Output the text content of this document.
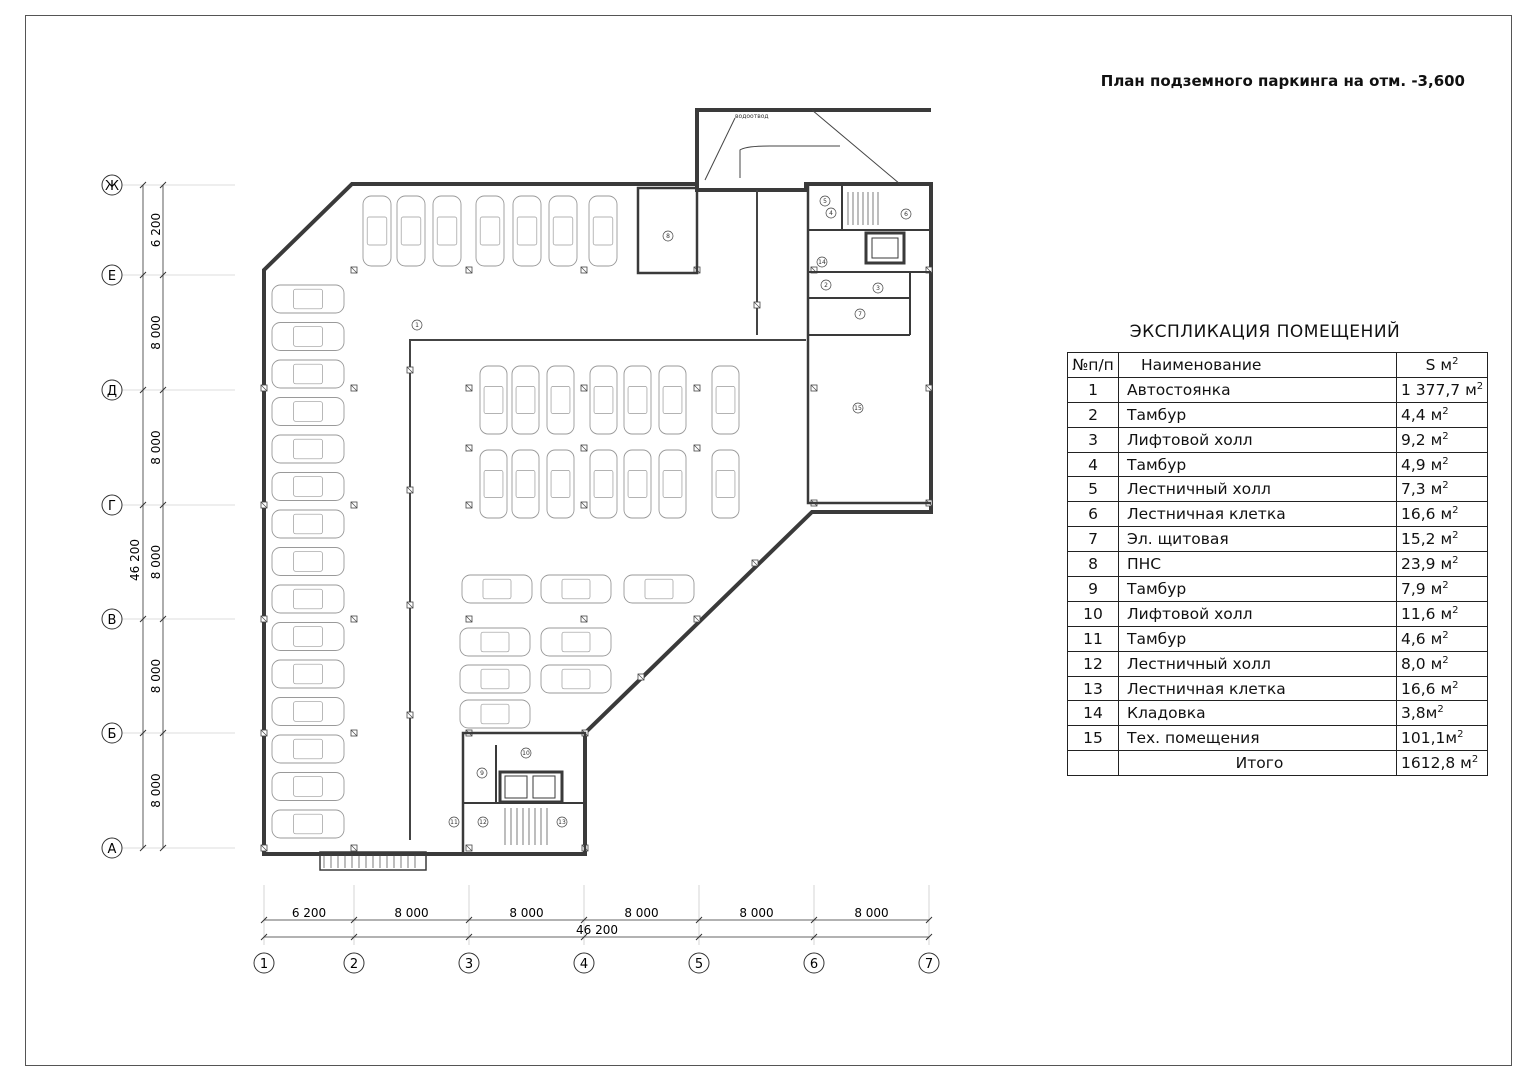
План подземного паркинга на отм. -3,600
водоотвод
1
2	3
4
5
6
7
8
9
10
11	12	13
14
15
Ж
Е
Д
Г
В
Б
А
1	2	3	4	5	6	7
6 200
8 000
8 000
8 000
8 000
8 000
46 200
6 200	8 000	8 000	8 000	8 000	8 000
46 200
ЭКСПЛИКАЦИЯ ПОМЕЩЕНИЙ
№п/п	Наименование	S $м^2$
1	Автостоянка	1 377,7 $м^2$
2	Тамбур	4,4 $м^2$
3	Лифтовой холл	9,2 $м^2$
4	Тамбур	4,9 $м^2$
5	Лестничный холл	7,3 $м^2$
6	Лестничная клетка	16,6 $м^2$
7	Эл. щитовая	15,2 $м^2$
8	ПНС	23,9 $м^2$
9	Тамбур	7,9 $м^2$
10	Лифтовой холл	11,6 $м^2$
11	Тамбур	4,6 $м^2$
12	Лестничный холл	8,0 $м^2$
13	Лестничная клетка	16,6 $м^2$
14	Кладовка	$3,8м^2$
15	Тех. помещения	$101,1м^2$
	Итого	1612,8 $м^2$
